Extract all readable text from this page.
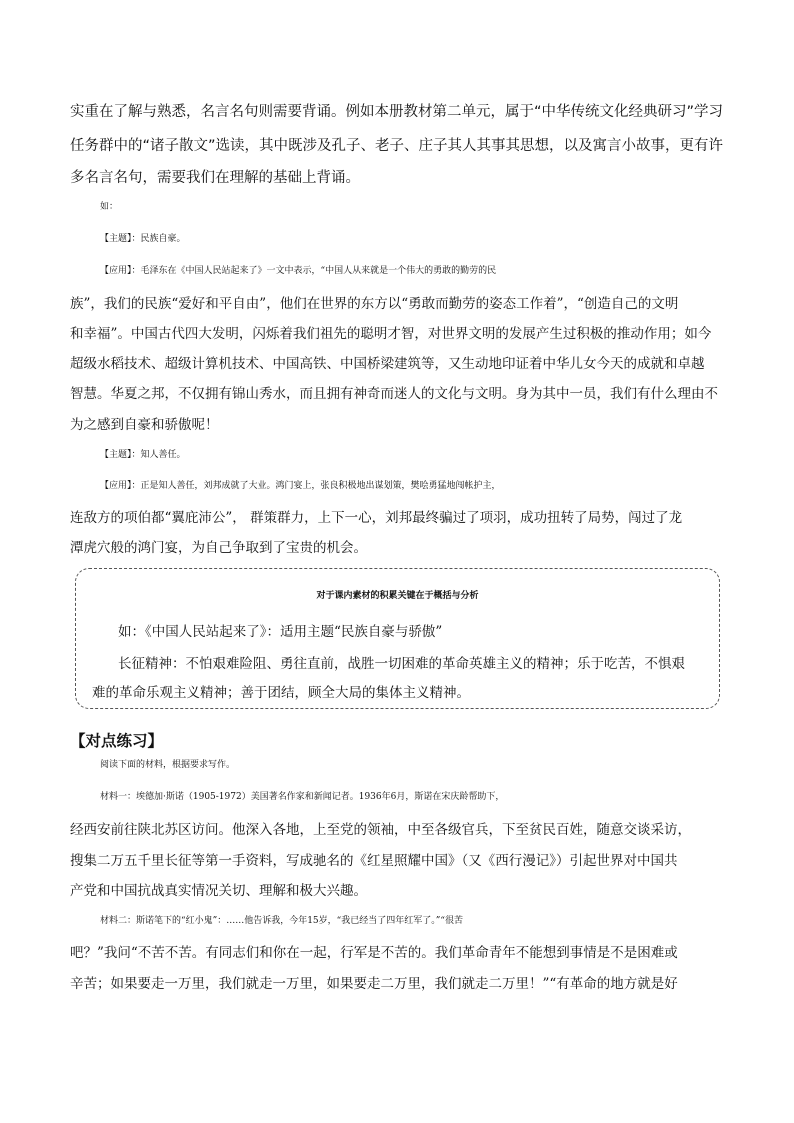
实重在了解与熟悉，名言名句则需要背诵。例如本册教材第二单元，属于“中华传统文化经典研习”学习
任务群中的“诸子散文”选读，其中既涉及孔子、老子、庄子其人其事其思想，以及寓言小故事，更有许
多名言名句，需要我们在理解的基础上背诵。
如：
【主题】：民族自豪。
【应用】：毛泽东在《中国人民站起来了》一文中表示，“中国人从来就是一个伟大的勇敢的勤劳的民
族”，我们的民族“爱好和平自由”，他们在世界的东方以“勇敢而勤劳的姿态工作着”，“创造自己的文明
和幸福”。中国古代四大发明，闪烁着我们祖先的聪明才智，对世界文明的发展产生过积极的推动作用；如今
超级水稻技术、超级计算机技术、中国高铁、中国桥梁建筑等，又生动地印证着中华儿女今天的成就和卓越
智慧。华夏之邦，不仅拥有锦山秀水，而且拥有神奇而迷人的文化与文明。身为其中一员，我们有什么理由不
为之感到自豪和骄傲呢！
【主题】：知人善任。
【应用】：正是知人善任，刘邦成就了大业。鸿门宴上，张良积极地出谋划策，樊哙勇猛地闯帐护主，
连敌方的项伯都“翼庇沛公”， 群策群力，上下一心，刘邦最终骗过了项羽，成功扭转了局势，闯过了龙
潭虎穴般的鸿门宴，为自己争取到了宝贵的机会。
对于课内素材的积累关键在于概括与分析
如：《中国人民站起来了》：适用主题“民族自豪与骄傲”
长征精神：不怕艰难险阻、勇往直前，战胜一切困难的革命英雄主义的精神；乐于吃苦，不惧艰
难的革命乐观主义精神；善于团结，顾全大局的集体主义精神。
【对点练习】
阅读下面的材料，根据要求写作。
材料一：埃德加·斯诺（1905-1972）美国著名作家和新闻记者。1936年6月，斯诺在宋庆龄帮助下，
经西安前往陕北苏区访问。他深入各地，上至党的领袖，中至各级官兵，下至贫民百姓，随意交谈采访，
搜集二万五千里长征等第一手资料，写成驰名的《红星照耀中国》（又《西行漫记》）引起世界对中国共
产党和中国抗战真实情况关切、理解和极大兴趣。
材料二：斯诺笔下的“红小鬼”：……他告诉我，今年15岁，“我已经当了四年红军了。”“很苦
吧？”我问“不苦不苦。有同志们和你在一起，行军是不苦的。我们革命青年不能想到事情是不是困难或
辛苦；如果要走一万里，我们就走一万里，如果要走二万里，我们就走二万里！”“有革命的地方就是好
